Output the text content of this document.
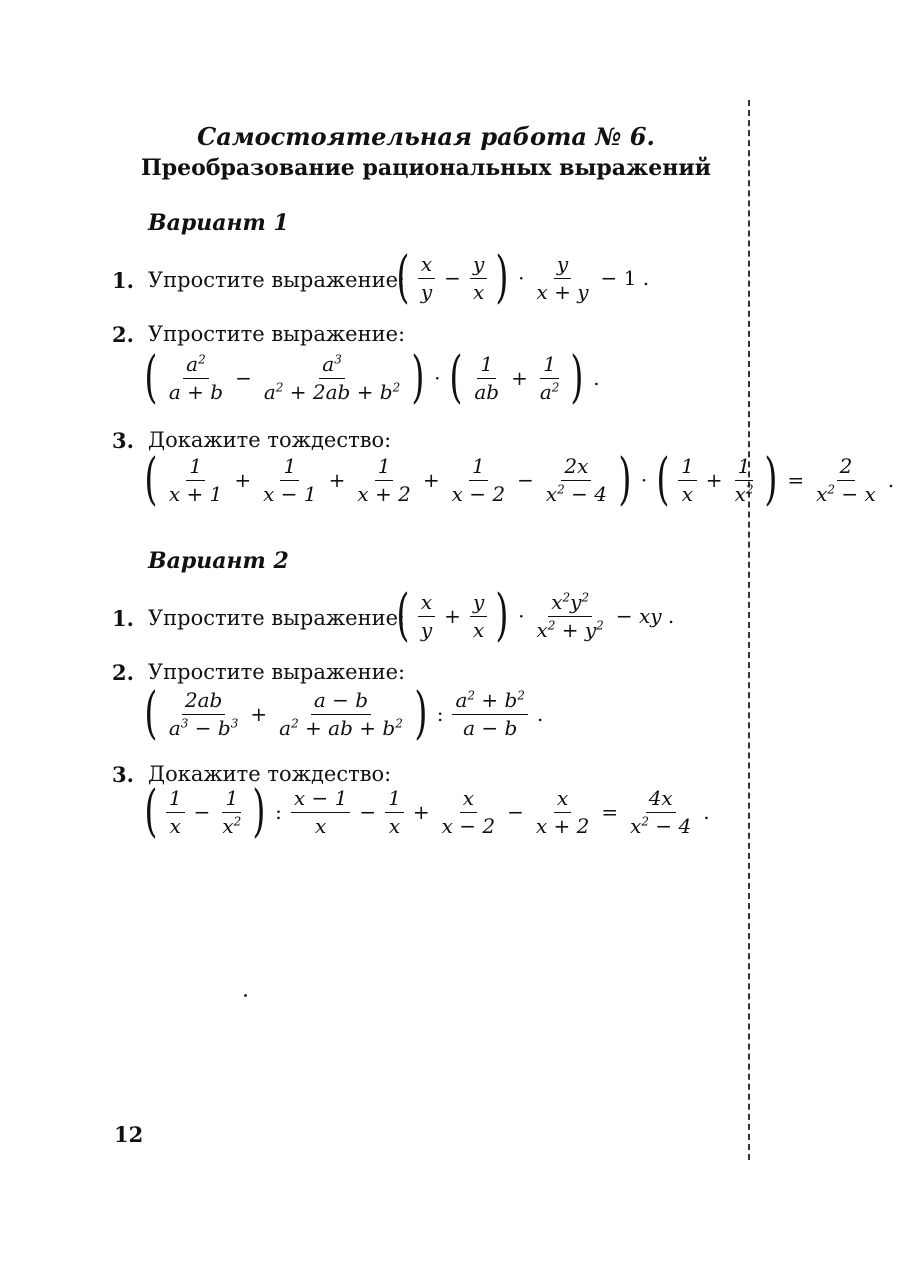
Самостоятельная работа № 6.
Преобразование рациональных выражений
Вариант 1
1. Упростите выражение:
( $\frac{x}{y} - \frac{y}{x}$ ) · $\frac{y}{x + y} - 1$ .
2. Упростите выражение:
( $\frac{a^2}{a + b} - \frac{a^3}{a^2 + 2ab + b^2}$ ) · ( $\frac{1}{ab} + \frac{1}{a^2}$ ) .
3. Докажите тождество:
( $\frac{1}{x + 1} + \frac{1}{x - 1} + \frac{1}{x + 2} + \frac{1}{x - 2} - \frac{2x}{x^2 - 4}$ ) · ( $\frac{1}{x} + \frac{1}{x^2}$ ) = $\frac{2}{x^2 - x}$ .
Вариант 2
1. Упростите выражение:
( $\frac{x}{y} + \frac{y}{x}$ ) · $\frac{x^2y^2}{x^2 + y^2}$ − xy .
2. Упростите выражение:
( $\frac{2ab}{a^3 - b^3} + \frac{a - b}{a^2 + ab + b^2}$ ) : $\frac{a^2 + b^2}{a - b}$ .
3. Докажите тождество:
( $\frac{1}{x} - \frac{1}{x^2}$ ) : $\frac{x - 1}{x} - \frac{1}{x} + \frac{x}{x - 2} - \frac{x}{x + 2} = \frac{4x}{x^2 - 4}$ .
12
